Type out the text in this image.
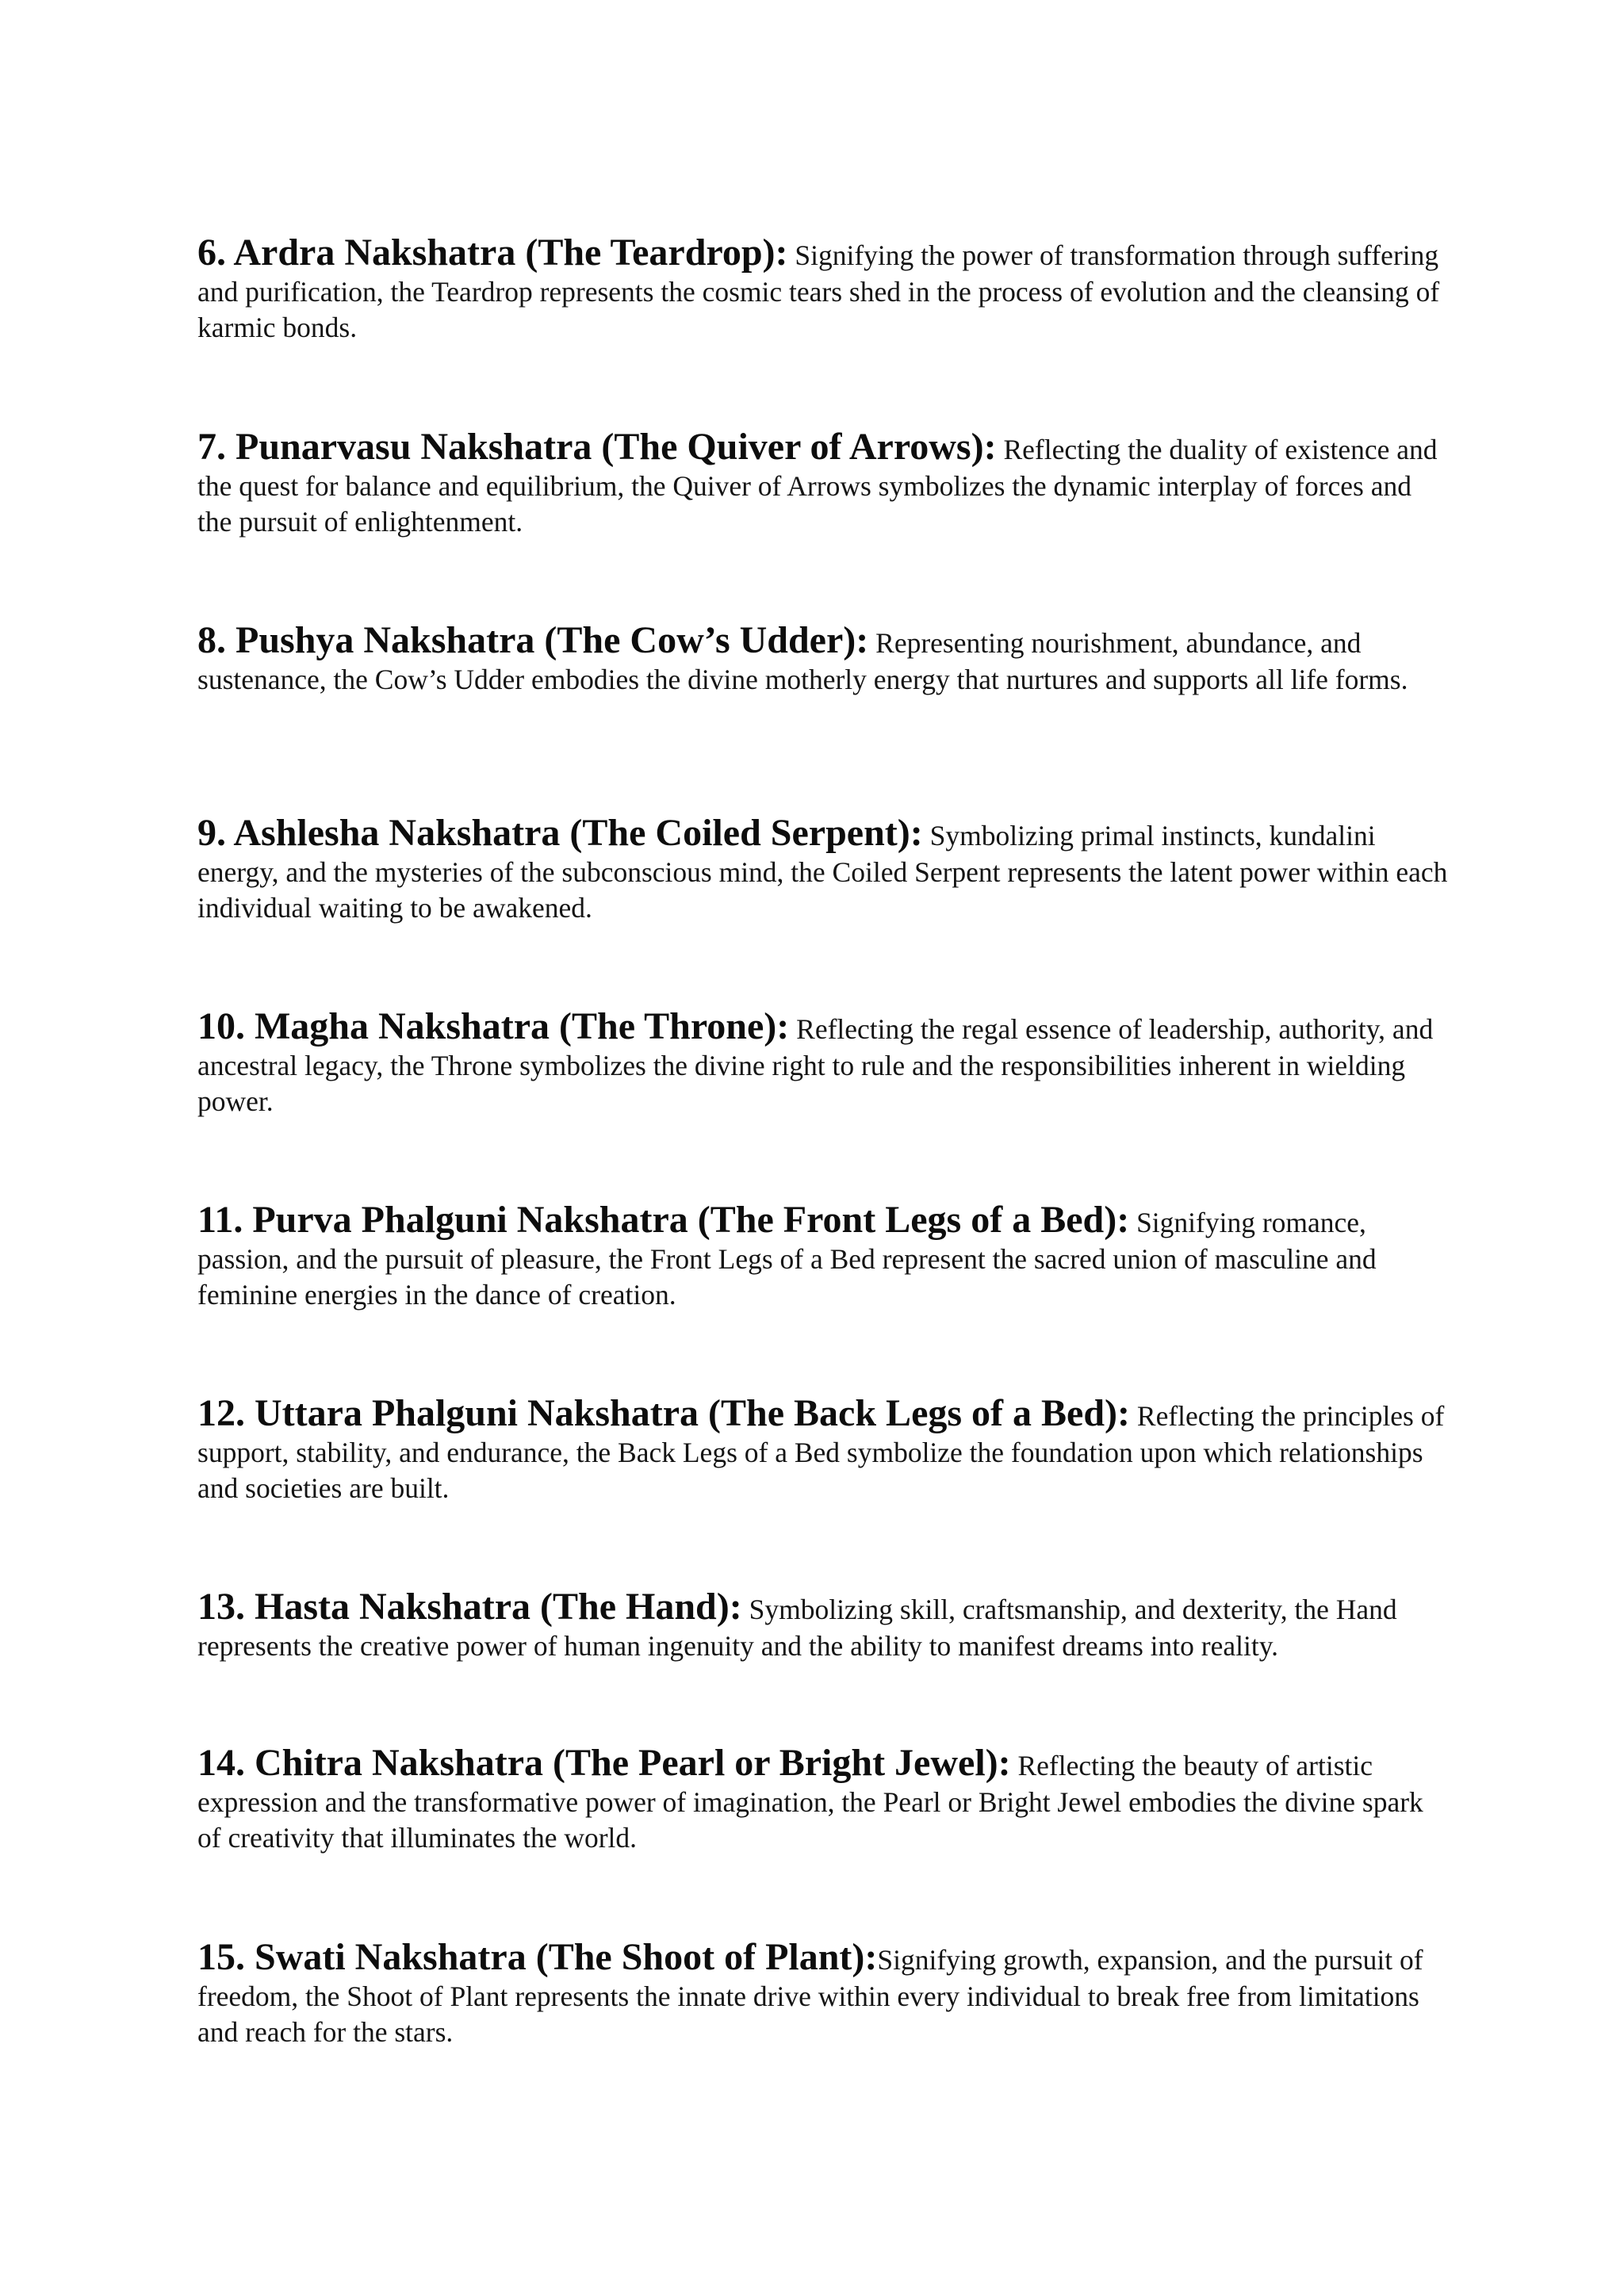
6. Ardra Nakshatra (The Teardrop): Signifying the power of transformation through suffering and purification, the Teardrop represents the cosmic tears shed in the process of evolution and the cleansing of karmic bonds.

7. Punarvasu Nakshatra (The Quiver of Arrows): Reflecting the duality of existence and the quest for balance and equilibrium, the Quiver of Arrows symbolizes the dynamic interplay of forces and the pursuit of enlightenment.

8. Pushya Nakshatra (The Cow’s Udder): Representing nourishment, abundance, and sustenance, the Cow’s Udder embodies the divine motherly energy that nurtures and supports all life forms.

9. Ashlesha Nakshatra (The Coiled Serpent): Symbolizing primal instincts, kundalini energy, and the mysteries of the subconscious mind, the Coiled Serpent represents the latent power within each individual waiting to be awakened.

10. Magha Nakshatra (The Throne): Reflecting the regal essence of leadership, authority, and ancestral legacy, the Throne symbolizes the divine right to rule and the responsibilities inherent in wielding power.

11. Purva Phalguni Nakshatra (The Front Legs of a Bed): Signifying romance, passion, and the pursuit of pleasure, the Front Legs of a Bed represent the sacred union of masculine and feminine energies in the dance of creation.

12. Uttara Phalguni Nakshatra (The Back Legs of a Bed): Reflecting the principles of support, stability, and endurance, the Back Legs of a Bed symbolize the foundation upon which relationships and societies are built.

13. Hasta Nakshatra (The Hand): Symbolizing skill, craftsmanship, and dexterity, the Hand represents the creative power of human ingenuity and the ability to manifest dreams into reality.

14. Chitra Nakshatra (The Pearl or Bright Jewel): Reflecting the beauty of artistic expression and the transformative power of imagination, the Pearl or Bright Jewel embodies the divine spark of creativity that illuminates the world.

15. Swati Nakshatra (The Shoot of Plant):Signifying growth, expansion, and the pursuit of freedom, the Shoot of Plant represents the innate drive within every individual to break free from limitations and reach for the stars.
